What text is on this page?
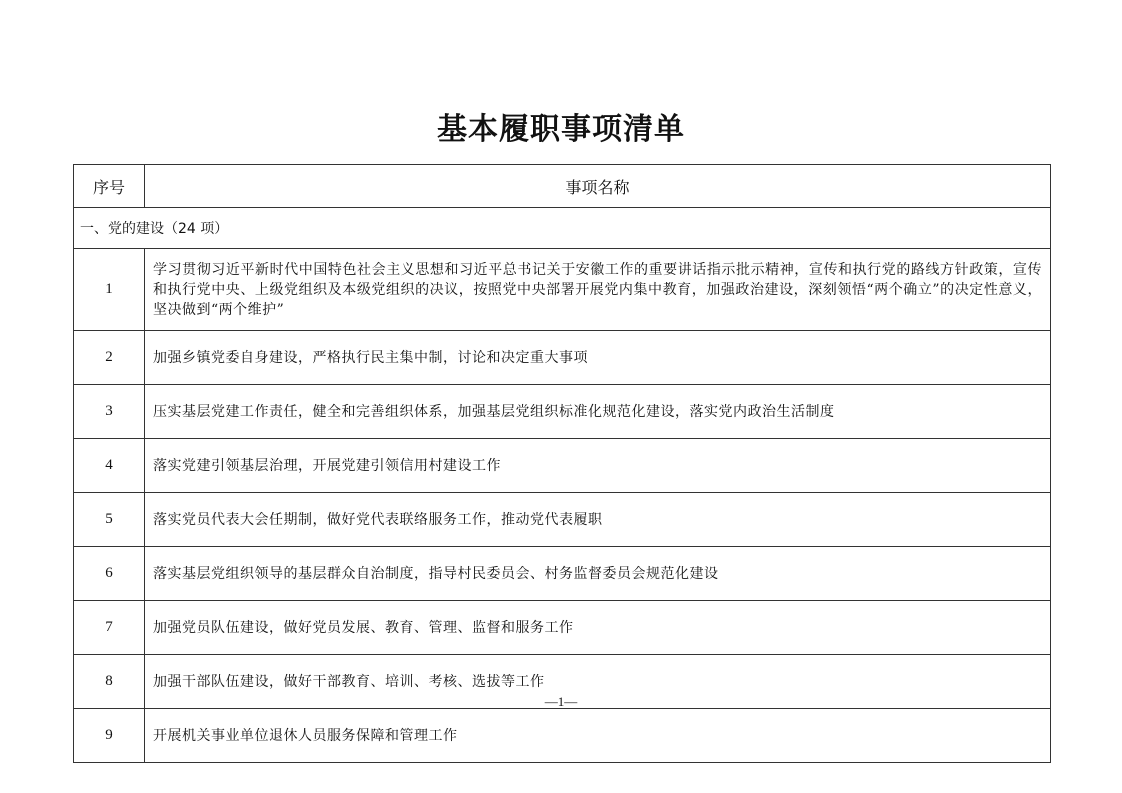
基本履职事项清单
序号	事项名称
一、党的建设（24 项）	
1	学习贯彻习近平新时代中国特色社会主义思想和习近平总书记关于安徽工作的重要讲话指示批示精神，宣传和执行党的路线方针政策，宣传和执行党中央、上级党组织及本级党组织的决议，按照党中央部署开展党内集中教育，加强政治建设，深刻领悟“两个确立”的决定性意义，坚决做到“两个维护”
2	加强乡镇党委自身建设，严格执行民主集中制，讨论和决定重大事项
3	压实基层党建工作责任，健全和完善组织体系，加强基层党组织标准化规范化建设，落实党内政治生活制度
4	落实党建引领基层治理，开展党建引领信用村建设工作
5	落实党员代表大会任期制，做好党代表联络服务工作，推动党代表履职
6	落实基层党组织领导的基层群众自治制度，指导村民委员会、村务监督委员会规范化建设
7	加强党员队伍建设，做好党员发展、教育、管理、监督和服务工作
8	加强干部队伍建设，做好干部教育、培训、考核、选拔等工作
9	开展机关事业单位退休人员服务保障和管理工作
—1—
